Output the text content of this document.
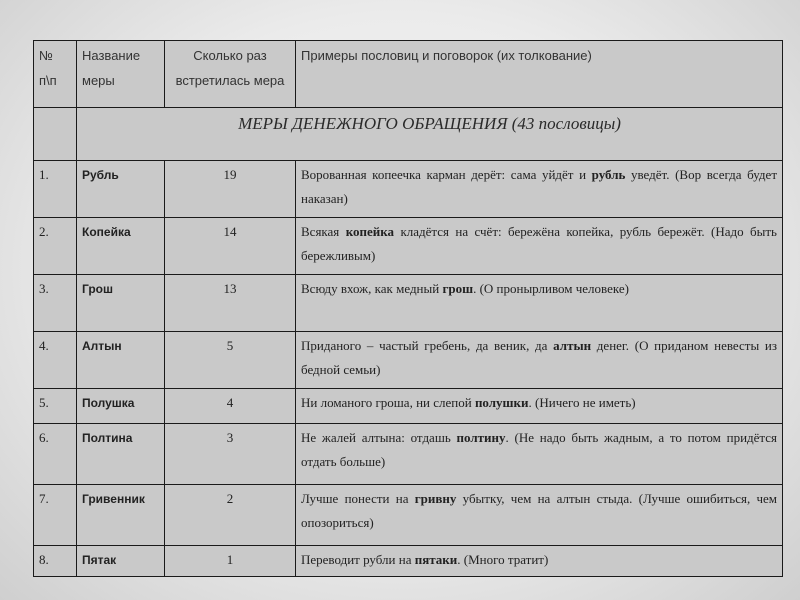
№ п\п	Название меры	Сколько раз встретилась мера	Примеры пословиц и поговорок (их толкование)

	МЕРЫ ДЕНЕЖНОГО ОБРАЩЕНИЯ (43 пословицы)		

1.	Рубль	19	Ворованная копеечка карман дерёт: сама уйдёт и рубль уведёт. (Вор всегда будет наказан)
2.	Копейка	14	Всякая копейка кладётся на счёт: бережёна копейка, рубль бережёт. (Надо быть бережливым)
3.	Грош	13	Всюду вхож, как медный грош. (О пронырливом человеке)
4.	Алтын	5	Приданого – частый гребень, да веник, да алтын денег. (О приданом невесты из бедной семьи)
5.	Полушка	4	Ни ломаного гроша, ни слепой полушки. (Ничего не иметь)
6.	Полтина	3	Не жалей алтына: отдашь полтину. (Не надо быть жадным, а то потом придётся отдать больше)
7.	Гривенник	2	Лучше понести на гривну убытку, чем на алтын стыда. (Лучше ошибиться, чем опозориться)
8.	Пятак	1	Переводит рубли на пятаки. (Много тратит)
